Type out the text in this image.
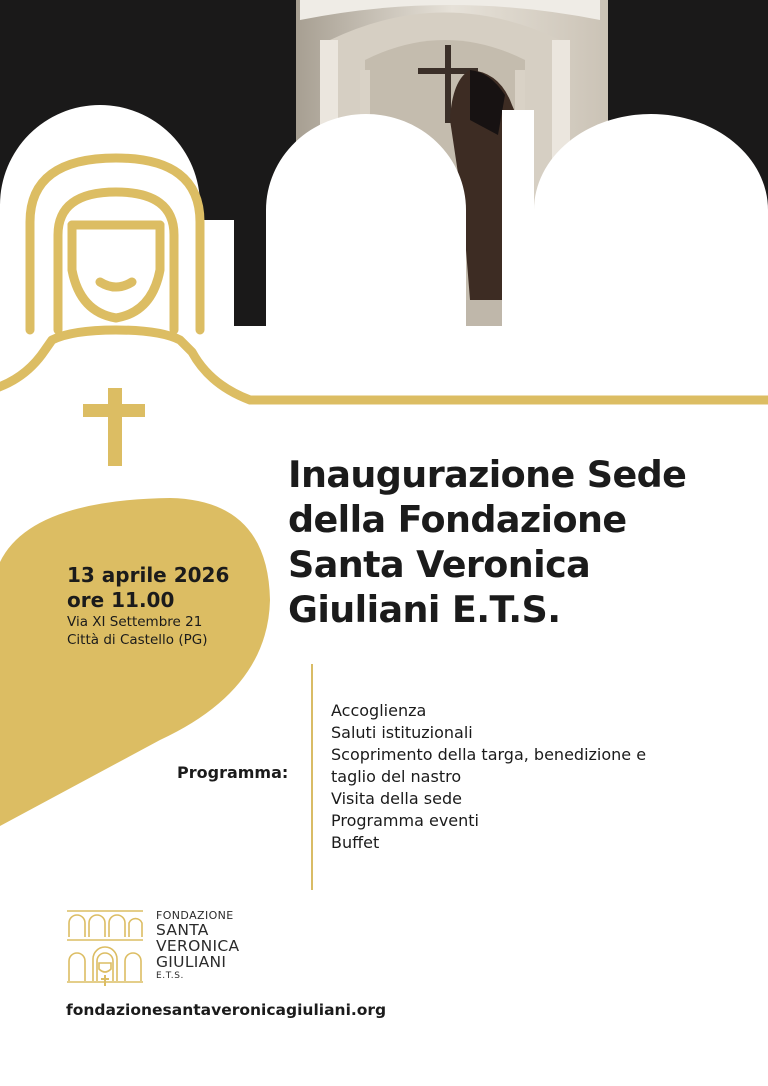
Inaugurazione Sede
della Fondazione
Santa Veronica
Giuliani E.T.S.

13 aprile 2026

ore 11.00

Via XI Settembre 21
Città di Castello (PG)
Programma:
Accoglienza
Saluti istituzionali
Scoprimento della targa, benedizione e
taglio del nastro
Visita della sede
Programma eventi
Buffet
FONDAZIONE
SANTA
VERONICA
GIULIANI
E.T.S.
fondazionesantaveronicagiuliani.org
